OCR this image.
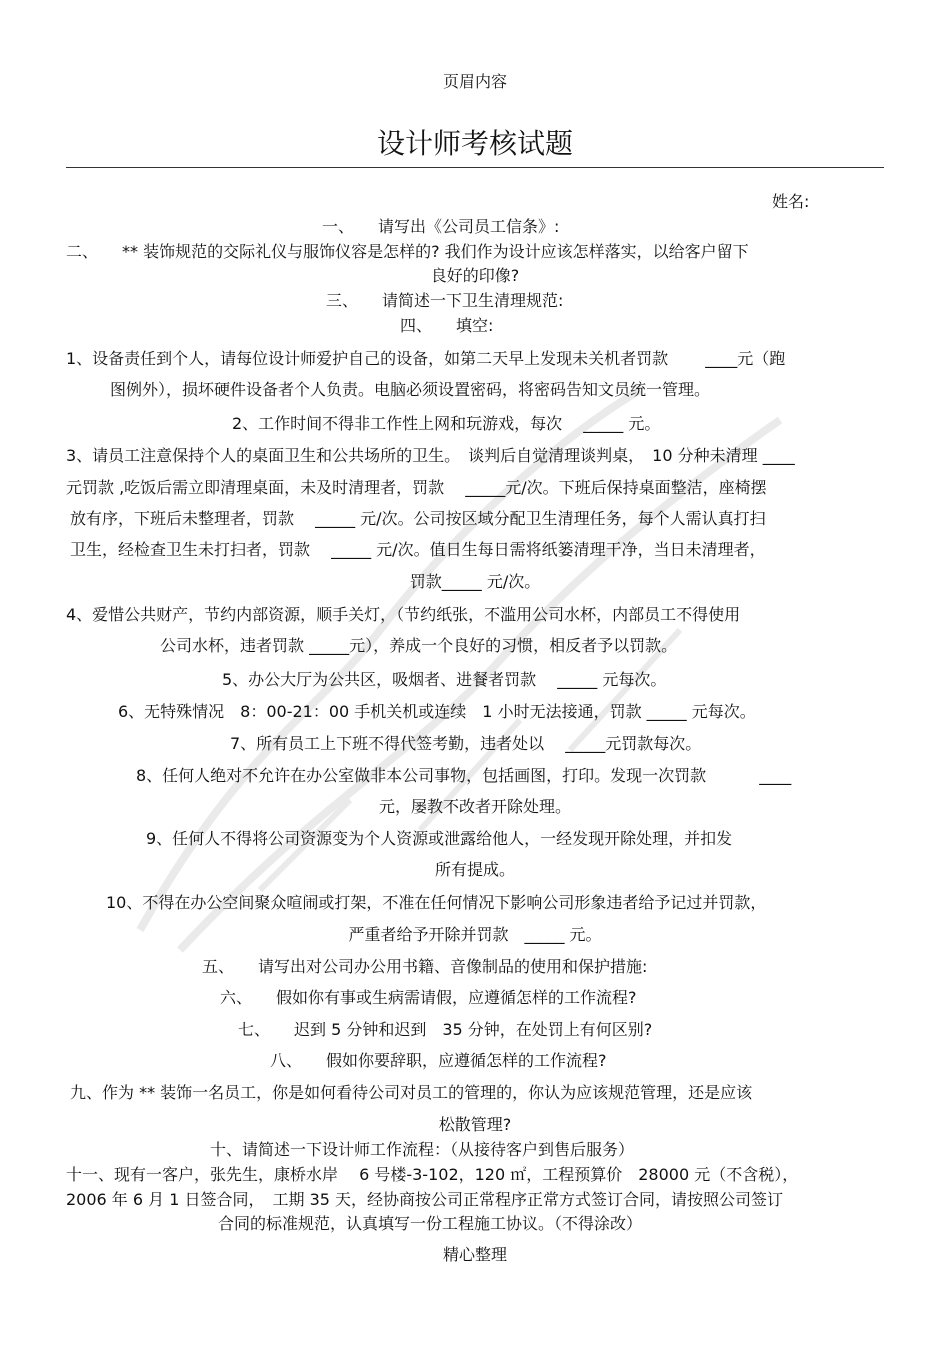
页眉内容
设计师考核试题
姓名:
一、　　请写出《公司员工信条》:
二、　　** 装饰规范的交际礼仪与服饰仪容是怎样的? 我们作为设计应该怎样落实，以给客户留下
良好的印像?
三、　　请简述一下卫生清理规范:
四、　　填空:
1、设备责任到个人，请每位设计师爱护自己的设备，如第二天早上发现未关机者罚款　　 ____元（跑
图例外），损坏硬件设备者个人负责。电脑必须设置密码，将密码告知文员统一管理。
2、工作时间不得非工作性上网和玩游戏，每次　 _____ 元。
3、请员工注意保持个人的桌面卫生和公共场所的卫生。　谈判后自觉清理谈判桌，　10 分种未清理 ____
元罚款 ,吃饭后需立即清理桌面，未及时清理者，罚款　 _____元/次。下班后保持桌面整洁，座椅摆
放有序，下班后未整理者，罚款　 _____ 元/次。公司按区域分配卫生清理任务，每个人需认真打扫
卫生，经检查卫生未打扫者，罚款　 _____ 元/次。值日生每日需将纸篓清理干净，当日未清理者，
罚款_____ 元/次。
4、爱惜公共财产，节约内部资源，顺手关灯，（节约纸张，不滥用公司水杯，内部员工不得使用
公司水杯，违者罚款 _____元），养成一个良好的习惯，相反者予以罚款。
5、办公大厅为公共区，吸烟者、进餐者罚款　 _____ 元每次。
6、无特殊情况　8：00-21：00 手机关机或连续　1 小时无法接通，罚款 _____ 元每次。
7、所有员工上下班不得代签考勤，违者处以　 _____元罚款每次。
8、任何人绝对不允许在办公室做非本公司事物，包括画图，打印。发现一次罚款　　　 ____
元，屡教不改者开除处理。
9、任何人不得将公司资源变为个人资源或泄露给他人，一经发现开除处理，并扣发
所有提成。
10、不得在办公空间聚众喧闹或打架，不准在任何情况下影响公司形象违者给予记过并罚款，
严重者给予开除并罚款　_____ 元。
五、　　请写出对公司办公用书籍、音像制品的使用和保护措施:
六、　　假如你有事或生病需请假，应遵循怎样的工作流程?
七、　　迟到 5 分钟和迟到　35 分钟，在处罚上有何区别?
八、　　假如你要辞职，应遵循怎样的工作流程?
九、作为 ** 装饰一名员工，你是如何看待公司对员工的管理的，你认为应该规范管理，还是应该
松散管理?
十、请简述一下设计师工作流程：（从接待客户到售后服务）
十一、现有一客户，张先生，康桥水岸　 6 号楼-3-102，120 ㎡，工程预算价　28000 元（不含税），
2006 年 6 月 1 日签合同，　工期 35 天，经协商按公司正常程序正常方式签订合同，请按照公司签订
合同的标准规范，认真填写一份工程施工协议。（不得涂改）
精心整理
